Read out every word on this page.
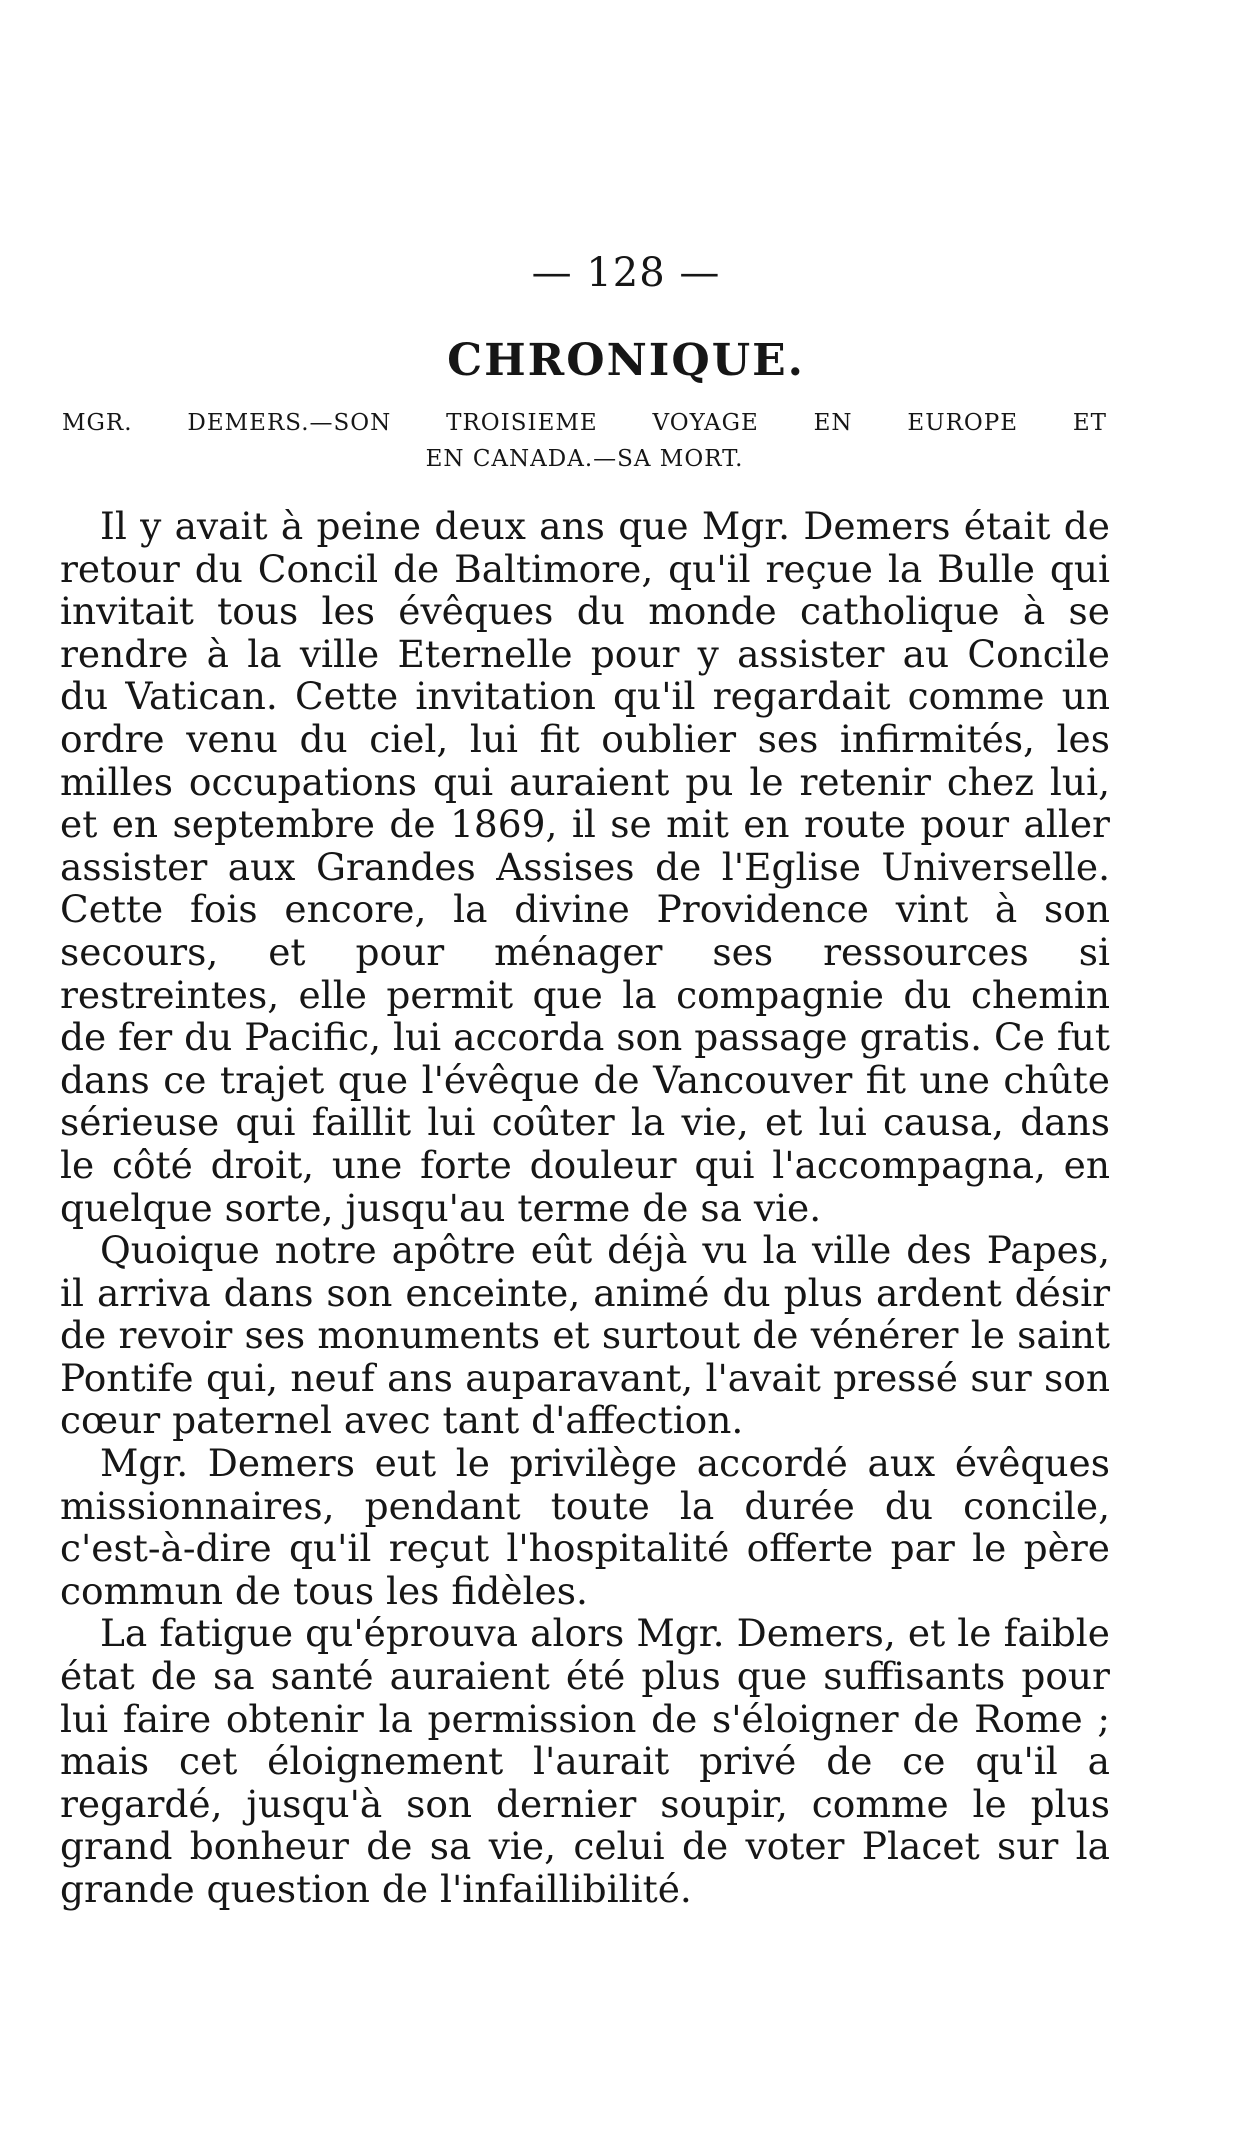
— 128 —
CHRONIQUE.
MGR. DEMERS.—SON TROISIEME VOYAGE EN EUROPE ET
EN CANADA.—SA MORT.

Il y avait à peine deux ans que Mgr. Demers était de retour du Concil de Baltimore, qu'il reçue la Bulle qui invitait tous les évêques du monde catholique à se rendre à la ville Eternelle pour y assister au Concile du Vatican. Cette invitation qu'il regardait comme un ordre venu du ciel, lui fit oublier ses infirmités, les milles occupations qui auraient pu le retenir chez lui, et en septembre de 1869, il se mit en route pour aller assister aux Grandes Assises de l'Eglise Universelle. Cette fois encore, la divine Providence vint à son secours, et pour ménager ses ressources si restreintes, elle permit que la compagnie du chemin de fer du Pacific, lui accorda son passage gratis. Ce fut dans ce trajet que l'évêque de Vancouver fit une chûte sérieuse qui faillit lui coûter la vie, et lui causa, dans le côté droit, une forte douleur qui l'accompagna, en quelque sorte, jusqu'au terme de sa vie.

Quoique notre apôtre eût déjà vu la ville des Papes, il arriva dans son enceinte, animé du plus ardent désir de revoir ses monuments et surtout de vénérer le saint Pontife qui, neuf ans auparavant, l'avait pressé sur son cœur paternel avec tant d'affection.

Mgr. Demers eut le privilège accordé aux évêques missionnaires, pendant toute la durée du concile, c'est-à-dire qu'il reçut l'hospitalité offerte par le père commun de tous les fidèles.

La fatigue qu'éprouva alors Mgr. Demers, et le faible état de sa santé auraient été plus que suffisants pour lui faire obtenir la permission de s'éloigner de Rome ; mais cet éloignement l'aurait privé de ce qu'il a regardé, jusqu'à son dernier soupir, comme le plus grand bonheur de sa vie, celui de voter Placet sur la grande question de l'infaillibilité.
